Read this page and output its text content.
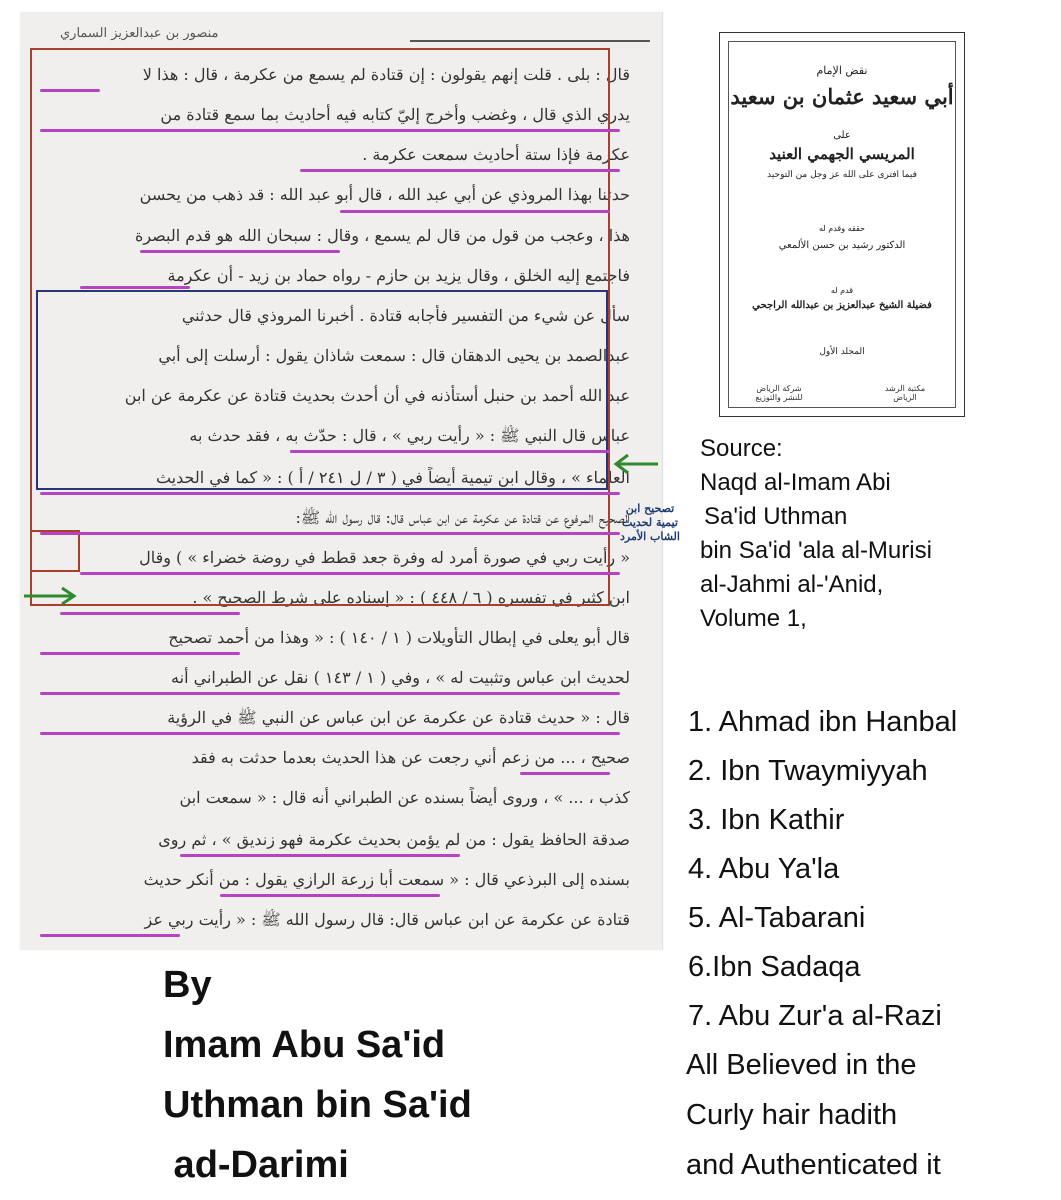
منصور بن عبدالعزيز السماري
قال : بلى . قلت إنهم يقولون : إن قتادة لم يسمع من عكرمة ، قال : هذا لا
يدري الذي قال ، وغضب وأخرج إليّ كتابه فيه أحاديث بما سمع قتادة من
عكرمة فإذا ستة أحاديث سمعت عكرمة .
حدثنا بهذا المروذي عن أبي عبد الله ، قال أبو عبد الله : قد ذهب من يحسن
هذا ، وعجب من قول من قال لم يسمع ، وقال : سبحان الله هو قدم البصرة
فاجتمع إليه الخلق ، وقال يزيد بن حازم - رواه حماد بن زيد - أن عكرمة
سأل عن شيء من التفسير فأجابه قتادة . أخبرنا المروذي قال حدثني
عبدالصمد بن يحيى الدهقان قال : سمعت شاذان يقول : أرسلت إلى أبي
عبد الله أحمد بن حنبل أستأذنه في أن أحدث بحديث قتادة عن عكرمة عن ابن
عباس قال النبي ﷺ : « رأيت ربي » ، قال : حدّث به ، فقد حدث به
العلماء » ، وقال ابن تيمية أيضاً في ( ٣ / ل ٢٤١ / أ ) : « كما في الحديث
الصحيح المرفوع عن قتادة عن عكرمة عن ابن عباس قال: قال رسول الله ﷺ:
« رأيت ربي في صورة أمرد له وفرة جعد قطط في روضة خضراء » ) وقال
ابن كثير في تفسيره ( ٦ / ٤٤٨ ) : « إسناده على شرط الصحيح » .
قال أبو يعلى في إبطال التأويلات ( ١ / ١٤٠ ) : « وهذا من أحمد تصحيح
لحديث ابن عباس وتثبيت له » ، وفي ( ١ / ١٤٣ ) نقل عن الطبراني أنه
قال : « حديث قتادة عن عكرمة عن ابن عباس عن النبي ﷺ في الرؤية
صحيح ، ... من زعم أني رجعت عن هذا الحديث بعدما حدثت به فقد
كذب ، ... » ، وروى أيضاً بسنده عن الطبراني أنه قال : « سمعت ابن
صدقة الحافظ يقول : من لم يؤمن بحديث عكرمة فهو زنديق » ، ثم روى
بسنده إلى البرذعي قال : « سمعت أبا زرعة الرازي يقول : من أنكر حديث
قتادة عن عكرمة عن ابن عباس قال: قال رسول الله ﷺ : « رأيت ربي عز
تصحيح ابن تيمية لحديث الشاب الأمرد
نقض الإمام
أبي سعيد عثمان بن سعيد
على
المريسي الجهمي العنيد
فيما افترى على الله عز وجل من التوحيد
حققه وقدم له
الدكتور رشيد بن حسن الألمعي
قدم له
فضيلة الشيخ عبدالعزيز بن عبدالله الراجحي
المجلد الأول
شركة الرياض للنشر والتوزيع
مكتبة الرشد الرياض
Source:
Naqd al-Imam Abi
Sa'id Uthman
bin Sa'id 'ala al-Murisi
al-Jahmi al-'Anid,
Volume 1,
1. Ahmad ibn Hanbal
2. Ibn Twaymiyyah
3. Ibn Kathir
4. Abu Ya'la
5. Al-Tabarani
6.Ibn Sadaqa
7. Abu Zur'a al-Razi
All Believed in the
Curly hair hadith
and Authenticated it
By
Imam Abu Sa'id
Uthman bin Sa'id
ad-Darimi
